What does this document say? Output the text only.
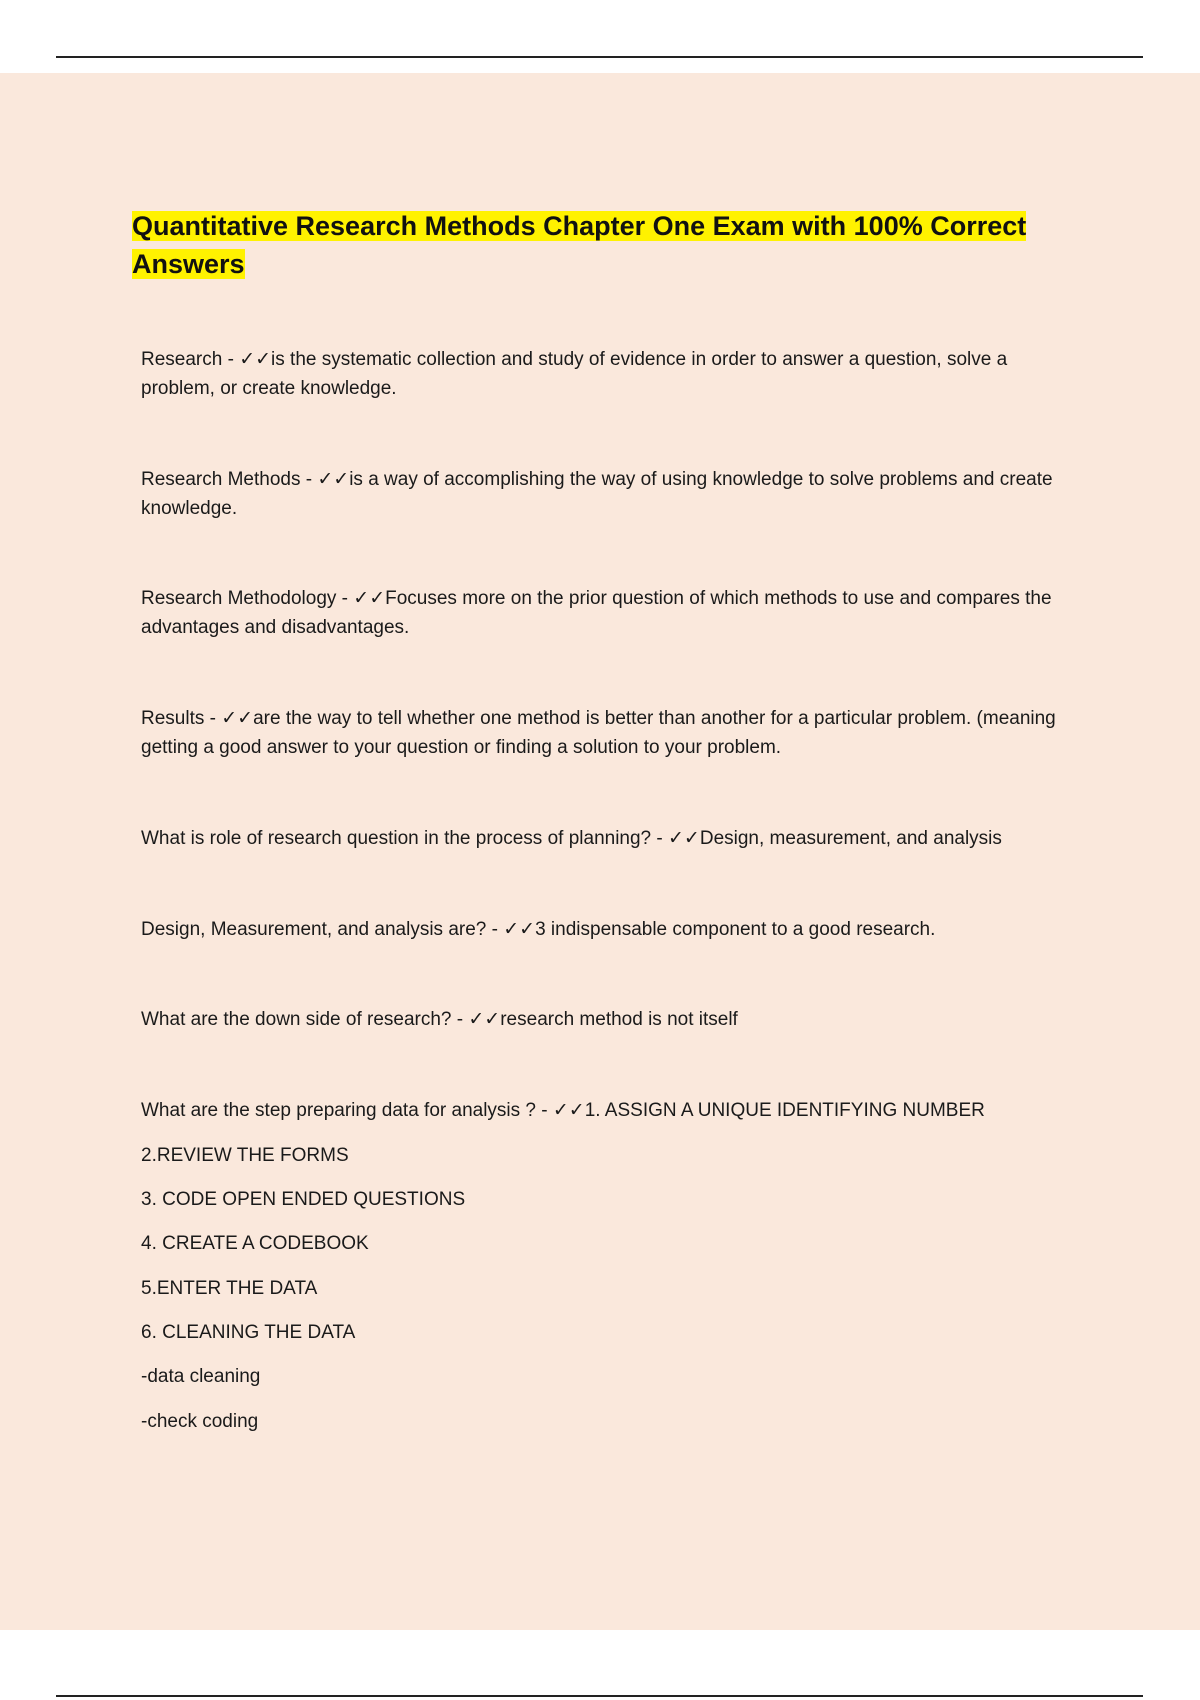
Quantitative Research Methods Chapter One Exam with 100% Correct Answers

Research - ✓✓is the systematic collection and study of evidence in order to answer a question, solve a problem, or create knowledge.

Research Methods - ✓✓is a way of accomplishing the way of using knowledge to solve problems and create knowledge.

Research Methodology - ✓✓Focuses more on the prior question of which methods to use and compares the advantages and disadvantages.

Results - ✓✓are the way to tell whether one method is better than another for a particular problem. (meaning getting a good answer to your question or finding a solution to your problem.

What is role of research question in the process of planning? - ✓✓Design, measurement, and analysis

Design, Measurement, and analysis are? - ✓✓3 indispensable component to a good research.

What are the down side of research? - ✓✓research method is not itself

What are the step preparing data for analysis ? - ✓✓1. ASSIGN A UNIQUE IDENTIFYING NUMBER

2.REVIEW THE FORMS

3. CODE OPEN ENDED QUESTIONS

4. CREATE A CODEBOOK

5.ENTER THE DATA

6. CLEANING THE DATA

-data cleaning

-check coding
